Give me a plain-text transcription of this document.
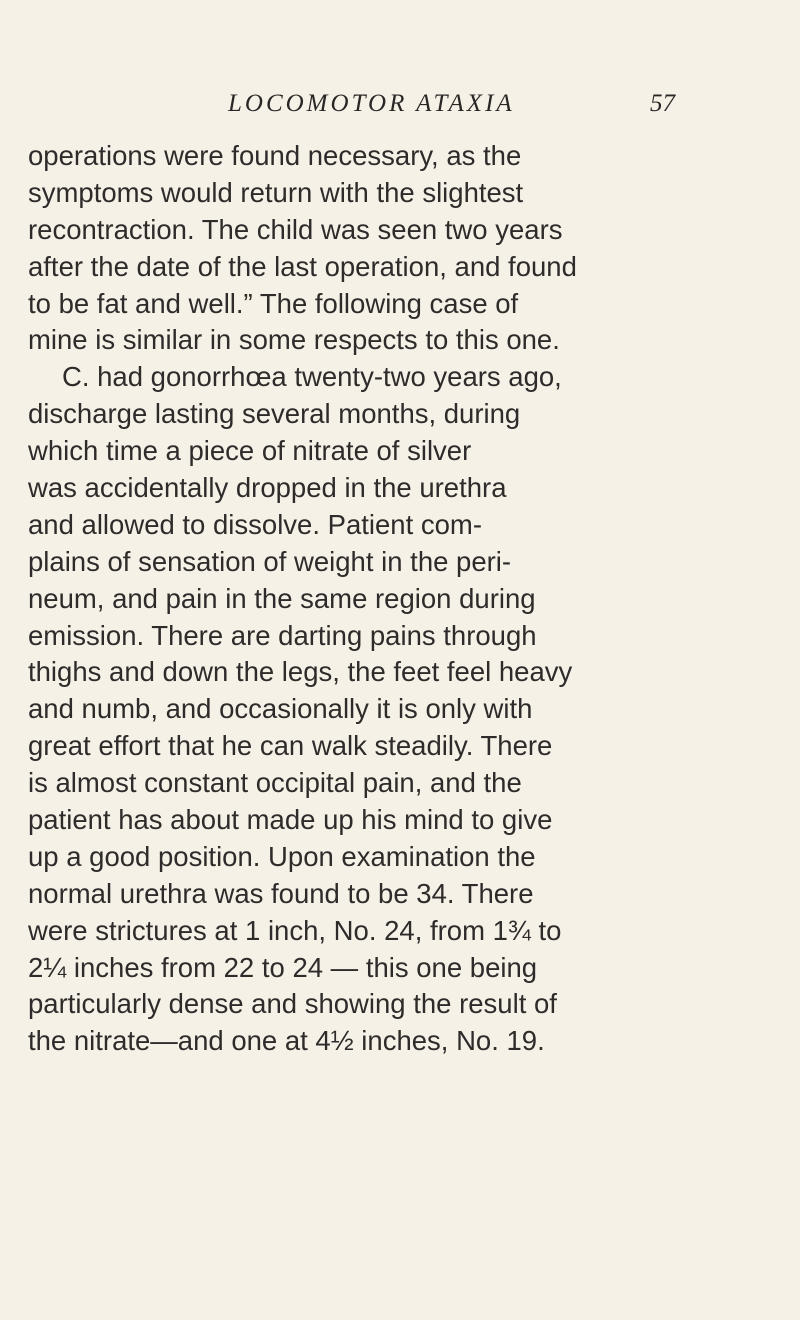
LOCOMOTOR ATAXIA	57
operations were found necessary, as the
symptoms would return with the slightest
recontraction. The child was seen two years
after the date of the last operation, and found
to be fat and well.” The following case of
mine is similar in some respects to this one.
C. had gonorrhœa twenty-two years ago,
discharge lasting several months, during
which time a piece of nitrate of silver
was accidentally dropped in the urethra
and allowed to dissolve. Patient com-
plains of sensation of weight in the peri-
neum, and pain in the same region during
emission. There are darting pains through
thighs and down the legs, the feet feel heavy
and numb, and occasionally it is only with
great effort that he can walk steadily. There
is almost constant occipital pain, and the
patient has about made up his mind to give
up a good position. Upon examination the
normal urethra was found to be 34. There
were strictures at 1 inch, No. 24, from 1¾ to
2¼ inches from 22 to 24 — this one being
particularly dense and showing the result of
the nitrate—and one at 4½ inches, No. 19.
